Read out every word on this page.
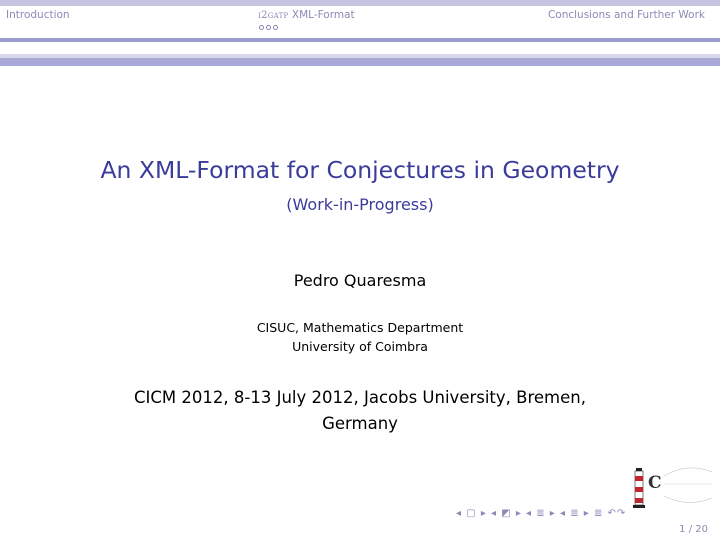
Introduction	i2gatp XML-Format	Conclusions and Further Work
An XML-Format for Conjectures in Geometry
(Work-in-Progress)
Pedro Quaresma
CISUC, Mathematics Department
University of Coimbra
CICM 2012, 8-13 July 2012, Jacobs University, Bremen,
Germany
C
◂ ▢ ▸ ◂ ◩ ▸ ◂ ≣ ▸ ◂ ≣ ▸ ≣ ↶↷
1 / 20
